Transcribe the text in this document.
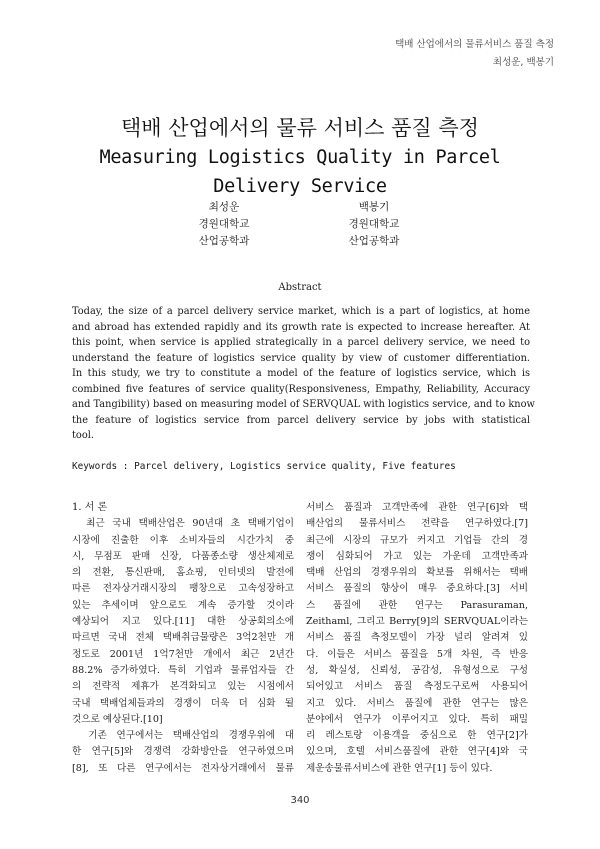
택배 산업에서의 물류서비스 품질 측정
최성운, 백봉기
택배 산업에서의 물류 서비스 품질 측정
Measuring Logistics Quality in Parcel Delivery Service
최성운
경원대학교
산업공학과
백봉기
경원대학교
산업공학과
Abstract
Today, the size of a parcel delivery service market, which is a part of logistics, at home
and abroad has extended rapidly and its growth rate is expected to increase hereafter. At
this point, when service is applied strategically in a parcel delivery service, we need to
understand the feature of logistics service quality by view of customer differentiation.
In this study, we try to constitute a model of the feature of logistics service, which is
combined five features of service quality(Responsiveness, Empathy, Reliability, Accuracy
and Tangibility) based on measuring model of SERVQUAL with logistics service, and to know
the feature of logistics service from parcel delivery service by jobs with statistical
tool.
Keywords : Parcel delivery, Logistics service quality, Five features
1. 서 론
　최근 국내 택배산업은 90년대 초 택배기업이
시장에 진출한 이후 소비자들의 시간가치 중
시, 무점포 판매 신장, 다품종소량 생산체제로
의 전환, 통신판매, 홈쇼핑, 인터넷의 발전에
따른 전자상거래시장의 팽창으로 고속성장하고
있는 추세이며 앞으로도 계속 증가할 것이라
예상되어 지고 있다.[11] 대한 상공회의소에
따르면 국내 전체 택배취급물량은 3억2천만 개
정도로 2001년 1억7천만 개에서 최근 2년간
88.2% 증가하였다. 특히 기업과 물류업자들 간
의 전략적 제휴가 본격화되고 있는 시점에서
국내 택배업체들과의 경쟁이 더욱 더 심화 될
것으로 예상된다.[10]
　기존 연구에서는 택배산업의 경쟁우위에 대
한 연구[5]와 경쟁력 강화방안을 연구하였으며
[8], 또 다른 연구에서는 전자상거래에서 물류
서비스 품질과 고객만족에 관한 연구[6]와 택
배산업의 물류서비스 전략을 연구하였다.[7]
최근에 시장의 규모가 커지고 기업들 간의 경
쟁이 심화되어 가고 있는 가운데 고객만족과
택배 산업의 경쟁우위의 확보를 위해서는 택배
서비스 품질의 향상이 매우 중요하다.[3] 서비
스 품질에 관한 연구는 Parasuraman,
Zeithaml, 그리고 Berry[9]의 SERVQUAL이라는
서비스 품질 측정모델이 가장 널리 알려져 있
다. 이들은 서비스 품질을 5개 차원, 즉 반응
성, 확실성, 신뢰성, 공감성, 유형성으로 구성
되어있고 서비스 품질 측정도구로써 사용되어
지고 있다. 서비스 품질에 관한 연구는 많은
분야에서 연구가 이루어지고 있다. 특히 패밀
리 레스토랑 이용객을 중심으로 한 연구[2]가
있으며, 호텔 서비스품질에 관한 연구[4]와 국
제운송물류서비스에 관한 연구[1] 등이 있다.
340
